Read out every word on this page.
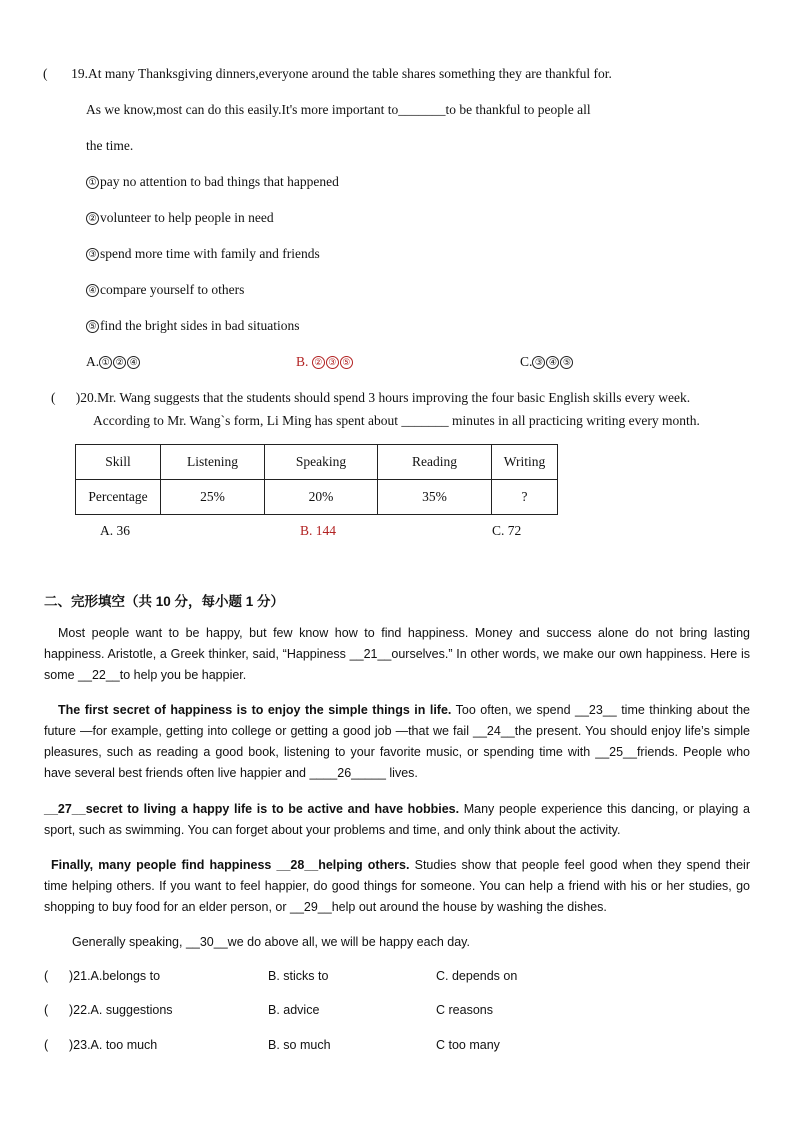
( 19.At many Thanksgiving dinners,everyone around the table shares something they are thankful for.
As we know,most can do this easily.It's more important to_______to be thankful to people all
the time.
① pay no attention to bad things that happened
② volunteer to help people in need
③ spend more time with family and friends
④ compare yourself to others
⑤ find the bright sides in bad situations
A. ① ② ④	B. ② ③ ⑤	C. ③ ④ ⑤
( )20.Mr. Wang suggests that the students should spend 3 hours improving the four basic English skills every week.
According to Mr. Wang`s form, Li Ming has spent about _______ minutes in all practicing writing every month.
Skill	Listening	Speaking	Reading	Writing
Percentage	25%	20%	35%	?
A. 36	B. 144	C. 72
二、完形填空（共 10 分，每小题 1 分）
Most people want to be happy, but few know how to find happiness. Money and success alone do not bring lasting happiness. Aristotle, a Greek thinker, said, “Happiness __21__ourselves.” In other words, we make our own happiness. Here is some __22__to help you be happier.
The first secret of happiness is to enjoy the simple things in life. Too often, we spend __23__ time thinking about the future —for example, getting into college or getting a good job —that we fail __24__the present. You should enjoy life’s simple pleasures, such as reading a good book, listening to your favorite music, or spending time with __25__friends. People who have several best friends often live happier and ____26_____ lives.
__27__secret to living a happy life is to be active and have hobbies. Many people experience this dancing, or playing a sport, such as swimming. You can forget about your problems and time, and only think about the activity.
Finally, many people find happiness __28__helping others. Studies show that people feel good when they spend their time helping others. If you want to feel happier, do good things for someone. You can help a friend with his or her studies, go shopping to buy food for an elder person, or __29__help out around the house by washing the dishes.
Generally speaking, __30__we do above all, we will be happy each day.
( )21.A.belongs to	B. sticks to	C. depends on
( )22.A. suggestions	B. advice	C reasons
( )23.A. too much	B. so much	C too many
